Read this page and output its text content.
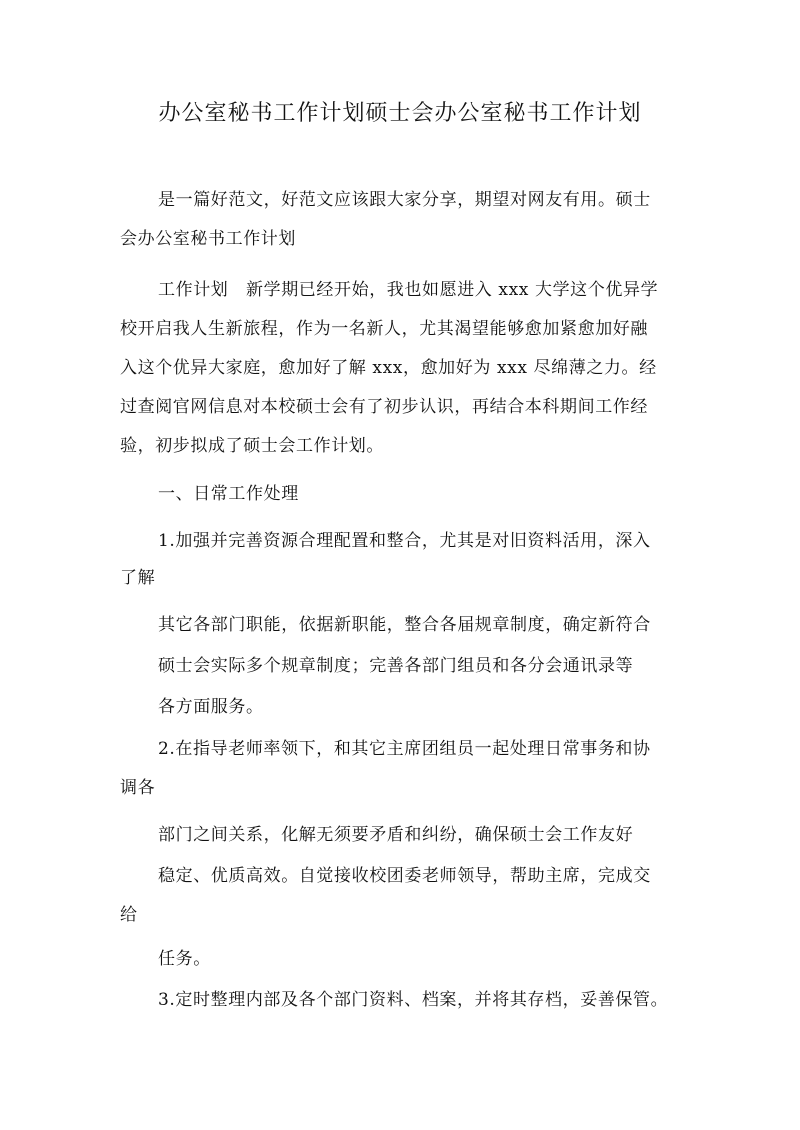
办公室秘书工作计划硕士会办公室秘书工作计划
是一篇好范文，好范文应该跟大家分享，期望对网友有用。硕士
会办公室秘书工作计划
工作计划　新学期已经开始，我也如愿进入 xxx 大学这个优异学
校开启我人生新旅程，作为一名新人，尤其渴望能够愈加紧愈加好融
入这个优异大家庭，愈加好了解 xxx，愈加好为 xxx 尽绵薄之力。经
过查阅官网信息对本校硕士会有了初步认识，再结合本科期间工作经
验，初步拟成了硕士会工作计划。
一、日常工作处理
1.加强并完善资源合理配置和整合，尤其是对旧资料活用，深入
了解
其它各部门职能，依据新职能，整合各届规章制度，确定新符合
硕士会实际多个规章制度；完善各部门组员和各分会通讯录等
各方面服务。
2.在指导老师率领下，和其它主席团组员一起处理日常事务和协
调各
部门之间关系，化解无须要矛盾和纠纷，确保硕士会工作友好
稳定、优质高效。自觉接收校团委老师领导，帮助主席，完成交
给
任务。
3.定时整理内部及各个部门资料、档案，并将其存档，妥善保管。
